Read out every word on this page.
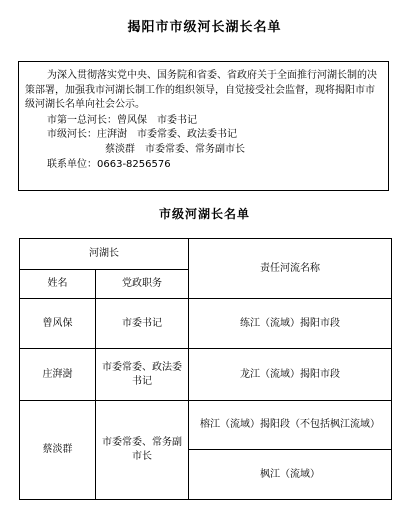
揭阳市市级河长湖长名单

为深入贯彻落实党中央、国务院和省委、省政府关于全面推行河湖长制的决策部署，加强我市河湖长制工作的组织领导，自觉接受社会监督，现将揭阳市市级河湖长名单向社会公示。

市第一总河长：曾风保 市委书记

市级河长：庄湃澍 市委常委、政法委书记

蔡淡群 市委常委、常务副市长

联系单位：0663-8256576

市级河湖长名单
河湖长		责任河流名称
姓名	党政职务	
曾风保	市委书记	练江（流域）揭阳市段
庄湃澍	市委常委、政法委书记	龙江（流域）揭阳市段
蔡淡群	市委常委、常务副市长	榕江（流域）揭阳段（不包括枫江流域）
		枫江（流域）
